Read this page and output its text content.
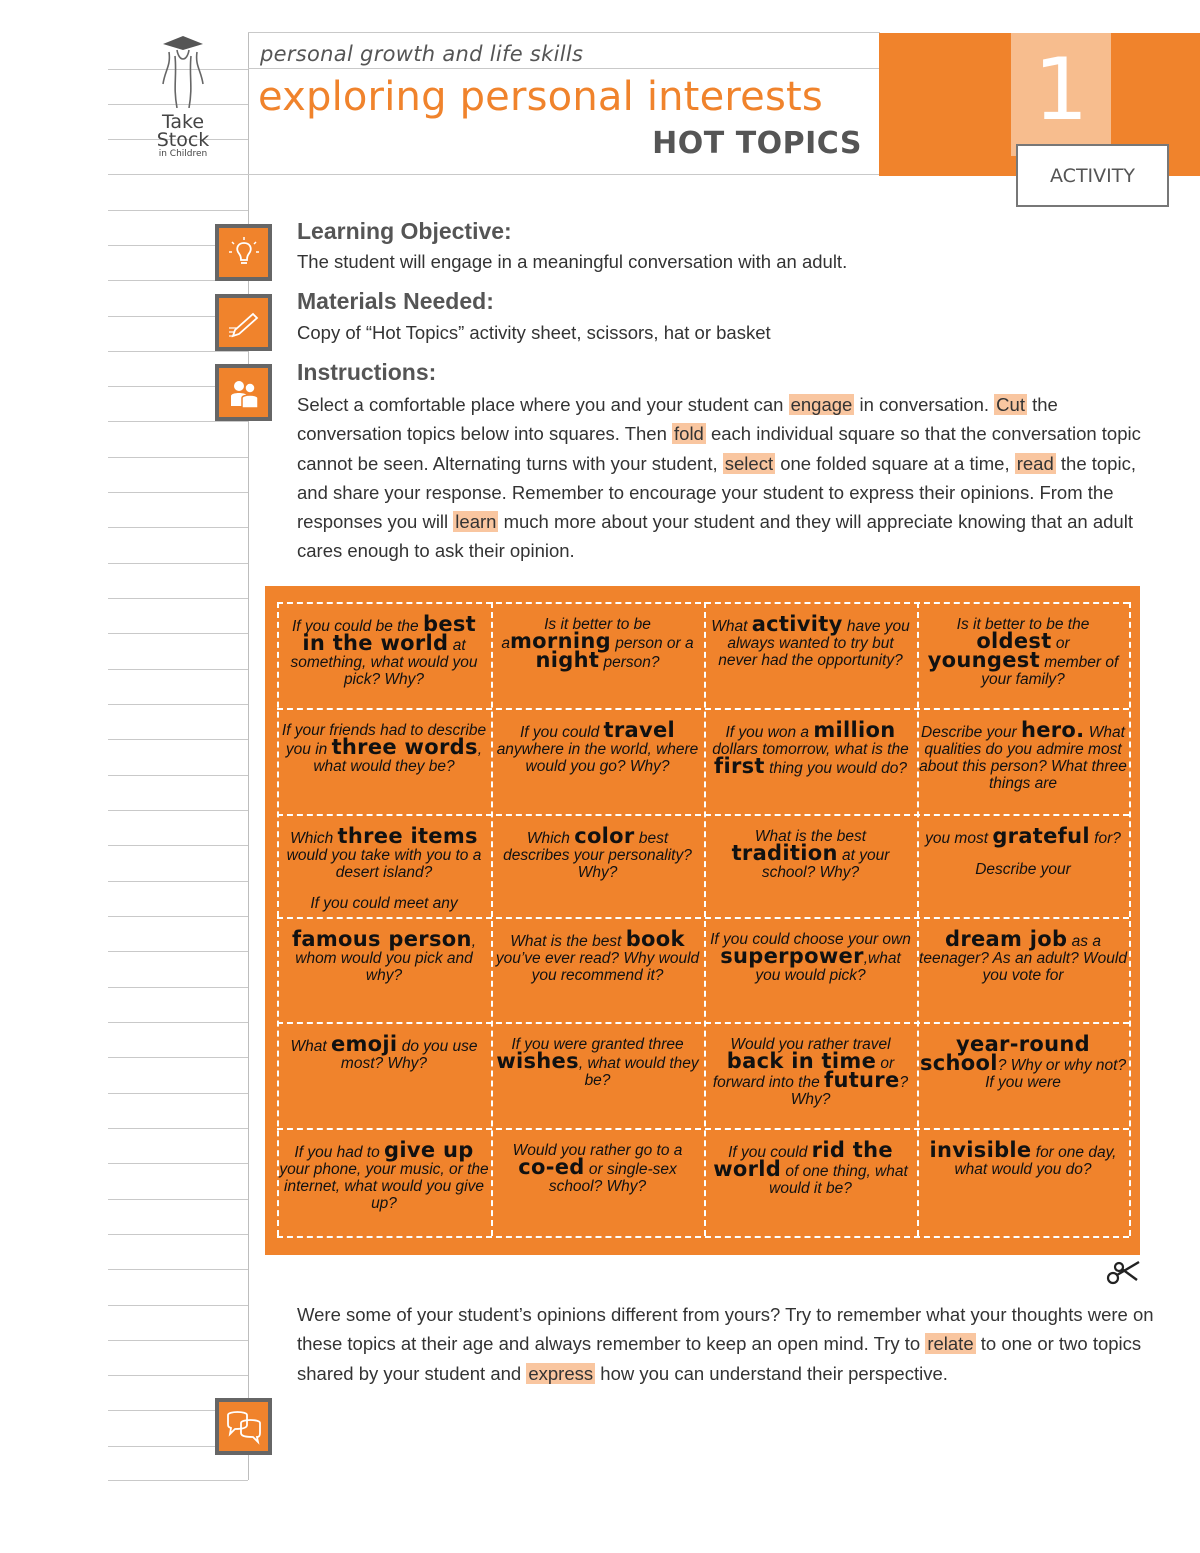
Take
Stock
in Children
personal growth and life skills
exploring personal interests
HOT TOPICS
1
ACTIVITY
Learning Objective:
The student will engage in a meaningful conversation with an adult.
Materials Needed:
Copy of “Hot Topics” activity sheet, scissors, hat or basket
Instructions:
Select a comfortable place where you and your student can engage in conversation. Cut the conversation topics below into squares. Then fold each individual square so that the conversation topic cannot be seen. Alternating turns with your student, select one folded square at a time, read the topic, and share your response. Remember to encourage your student to express their opinions. From the responses you will learn much more about your student and they will appreciate knowing that an adult cares enough to ask their opinion.
If you could be the best
in the world at something, what would you pick? Why?
Is it better to be amorning person or a night person?
What activity have you always wanted to try but never had the opportunity?
Is it better to be the oldest or youngest member of your family?
If your friends had to describe you in three words, what would they be?
If you could travel anywhere in the world, where would you go? Why?
If you won a million dollars tomorrow, what is the first thing you would do?
Describe your hero. What qualities do you admire most about this person? What three things are
Which three items would you take with you to a desert island?

If you could meet any
Which color best describes your personality? Why?
What is the best tradition at your school? Why?
you most grateful for?

Describe your
famous person, whom would you pick and why?
What is the best book you’ve ever read? Why would you recommend it?
If you could choose your own superpower,what you would pick?
dream job as a teenager? As an adult? Would you vote for
What emoji do you use most? Why?
If you were granted three wishes, what would they be?
Would you rather travel back in time or forward into the future? Why?
year-round school? Why or why not? If you were
If you had to give up your phone, your music, or the internet, what would you give up?
Would you rather go to a co-ed or single-sex school? Why?
If you could rid the world of one thing, what would it be?
invisible for one day, what would you do?
Were some of your student’s opinions different from yours? Try to remember what your thoughts were on these topics at their age and always remember to keep an open mind. Try to relate to one or two topics shared by your student and express how you can understand their perspective.
